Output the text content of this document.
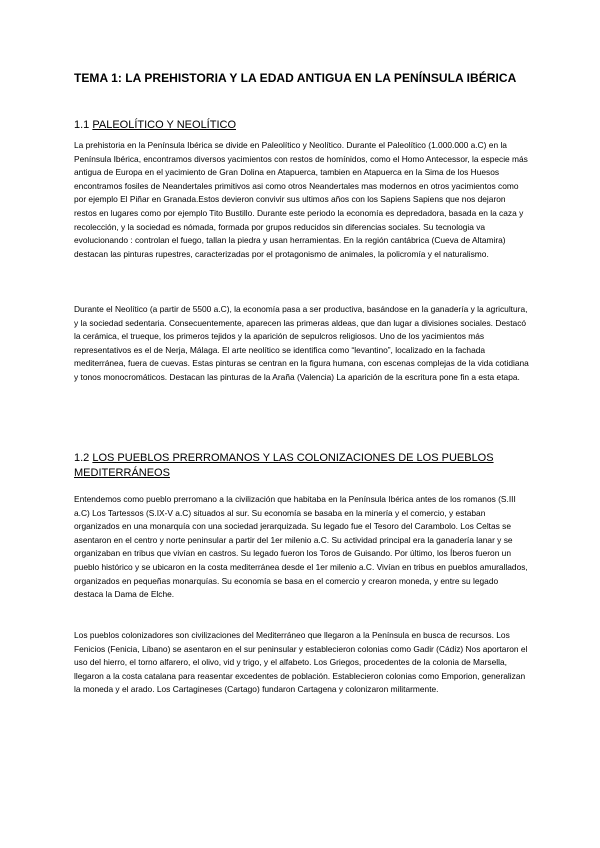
TEMA 1: LA PREHISTORIA Y LA EDAD ANTIGUA EN LA PENÍNSULA IBÉRICA
1.1 PALEOLÍTICO Y NEOLÍTICO

La prehistoria en la Península Ibérica se divide en Paleolítico y Neolítico. Durante el Paleolítico (1.000.000 a.C) en la Península Ibérica, encontramos diversos yacimientos con restos de homínidos, como el Homo Antecessor, la especie más antigua de Europa en el yacimiento de Gran Dolina en Atapuerca, tambien en Atapuerca en la Sima de los Huesos encontramos fosiles de Neandertales primitivos asi como otros Neandertales mas modernos en otros yacimientos como por ejemplo El Piñar en Granada.Estos devieron convivir sus ultimos años con los Sapiens Sapiens que nos dejaron restos en lugares como por ejemplo Tito Bustillo. Durante este periodo la economía es depredadora, basada en la caza y recolección, y la sociedad es nómada, formada por grupos reducidos sin diferencias sociales. Su tecnologia va evolucionando : controlan el fuego, tallan la piedra y usan herramientas. En la región cantábrica (Cueva de Altamira) destacan las pinturas rupestres, caracterizadas por el protagonismo de animales, la policromía y el naturalismo.

Durante el Neolítico (a partir de 5500 a.C), la economía pasa a ser productiva, basándose en la ganadería y la agricultura, y la sociedad sedentaria. Consecuentemente, aparecen las primeras aldeas, que dan lugar a divisiones sociales. Destacó la cerámica, el trueque, los primeros tejidos y la aparición de sepulcros religiosos. Uno de los yacimientos más representativos es el de Nerja, Málaga. El arte neolítico se identifica como “levantino”, localizado en la fachada mediterránea, fuera de cuevas. Estas pinturas se centran en la figura humana, con escenas complejas de la vida cotidiana y tonos monocromáticos. Destacan las pinturas de la Araña (Valencia) La aparición de la escritura pone fin a esta etapa.

1.2 LOS PUEBLOS PRERROMANOS Y LAS COLONIZACIONES DE LOS PUEBLOS MEDITERRÁNEOS

Entendemos como pueblo prerromano a la civilización que habitaba en la Península Ibérica antes de los romanos (S.III a.C) Los Tartessos (S.IX-V a.C) situados al sur. Su economía se basaba en la minería y el comercio, y estaban organizados en una monarquía con una sociedad jerarquizada. Su legado fue el Tesoro del Carambolo. Los Celtas se asentaron en el centro y norte peninsular a partir del 1er milenio a.C. Su actividad principal era la ganadería lanar y se organizaban en tribus que vivían en castros. Su legado fueron los Toros de Guisando. Por último, los Íberos fueron un pueblo histórico y se ubicaron en la costa mediterránea desde el 1er milenio a.C. Vivían en tribus en pueblos amurallados, organizados en pequeñas monarquías. Su economía se basa en el comercio y crearon moneda, y entre su legado destaca la Dama de Elche.

Los pueblos colonizadores son civilizaciones del Mediterráneo que llegaron a la Península en busca de recursos. Los Fenicios (Fenicia, Líbano) se asentaron en el sur peninsular y establecieron colonias como Gadir (Cádiz) Nos aportaron el uso del hierro, el torno alfarero, el olivo, vid y trigo, y el alfabeto. Los Griegos, procedentes de la colonia de Marsella, llegaron a la costa catalana para reasentar excedentes de población. Establecieron colonias como Emporion, generalizan la moneda y el arado. Los Cartagineses (Cartago) fundaron Cartagena y colonizaron militarmente.
